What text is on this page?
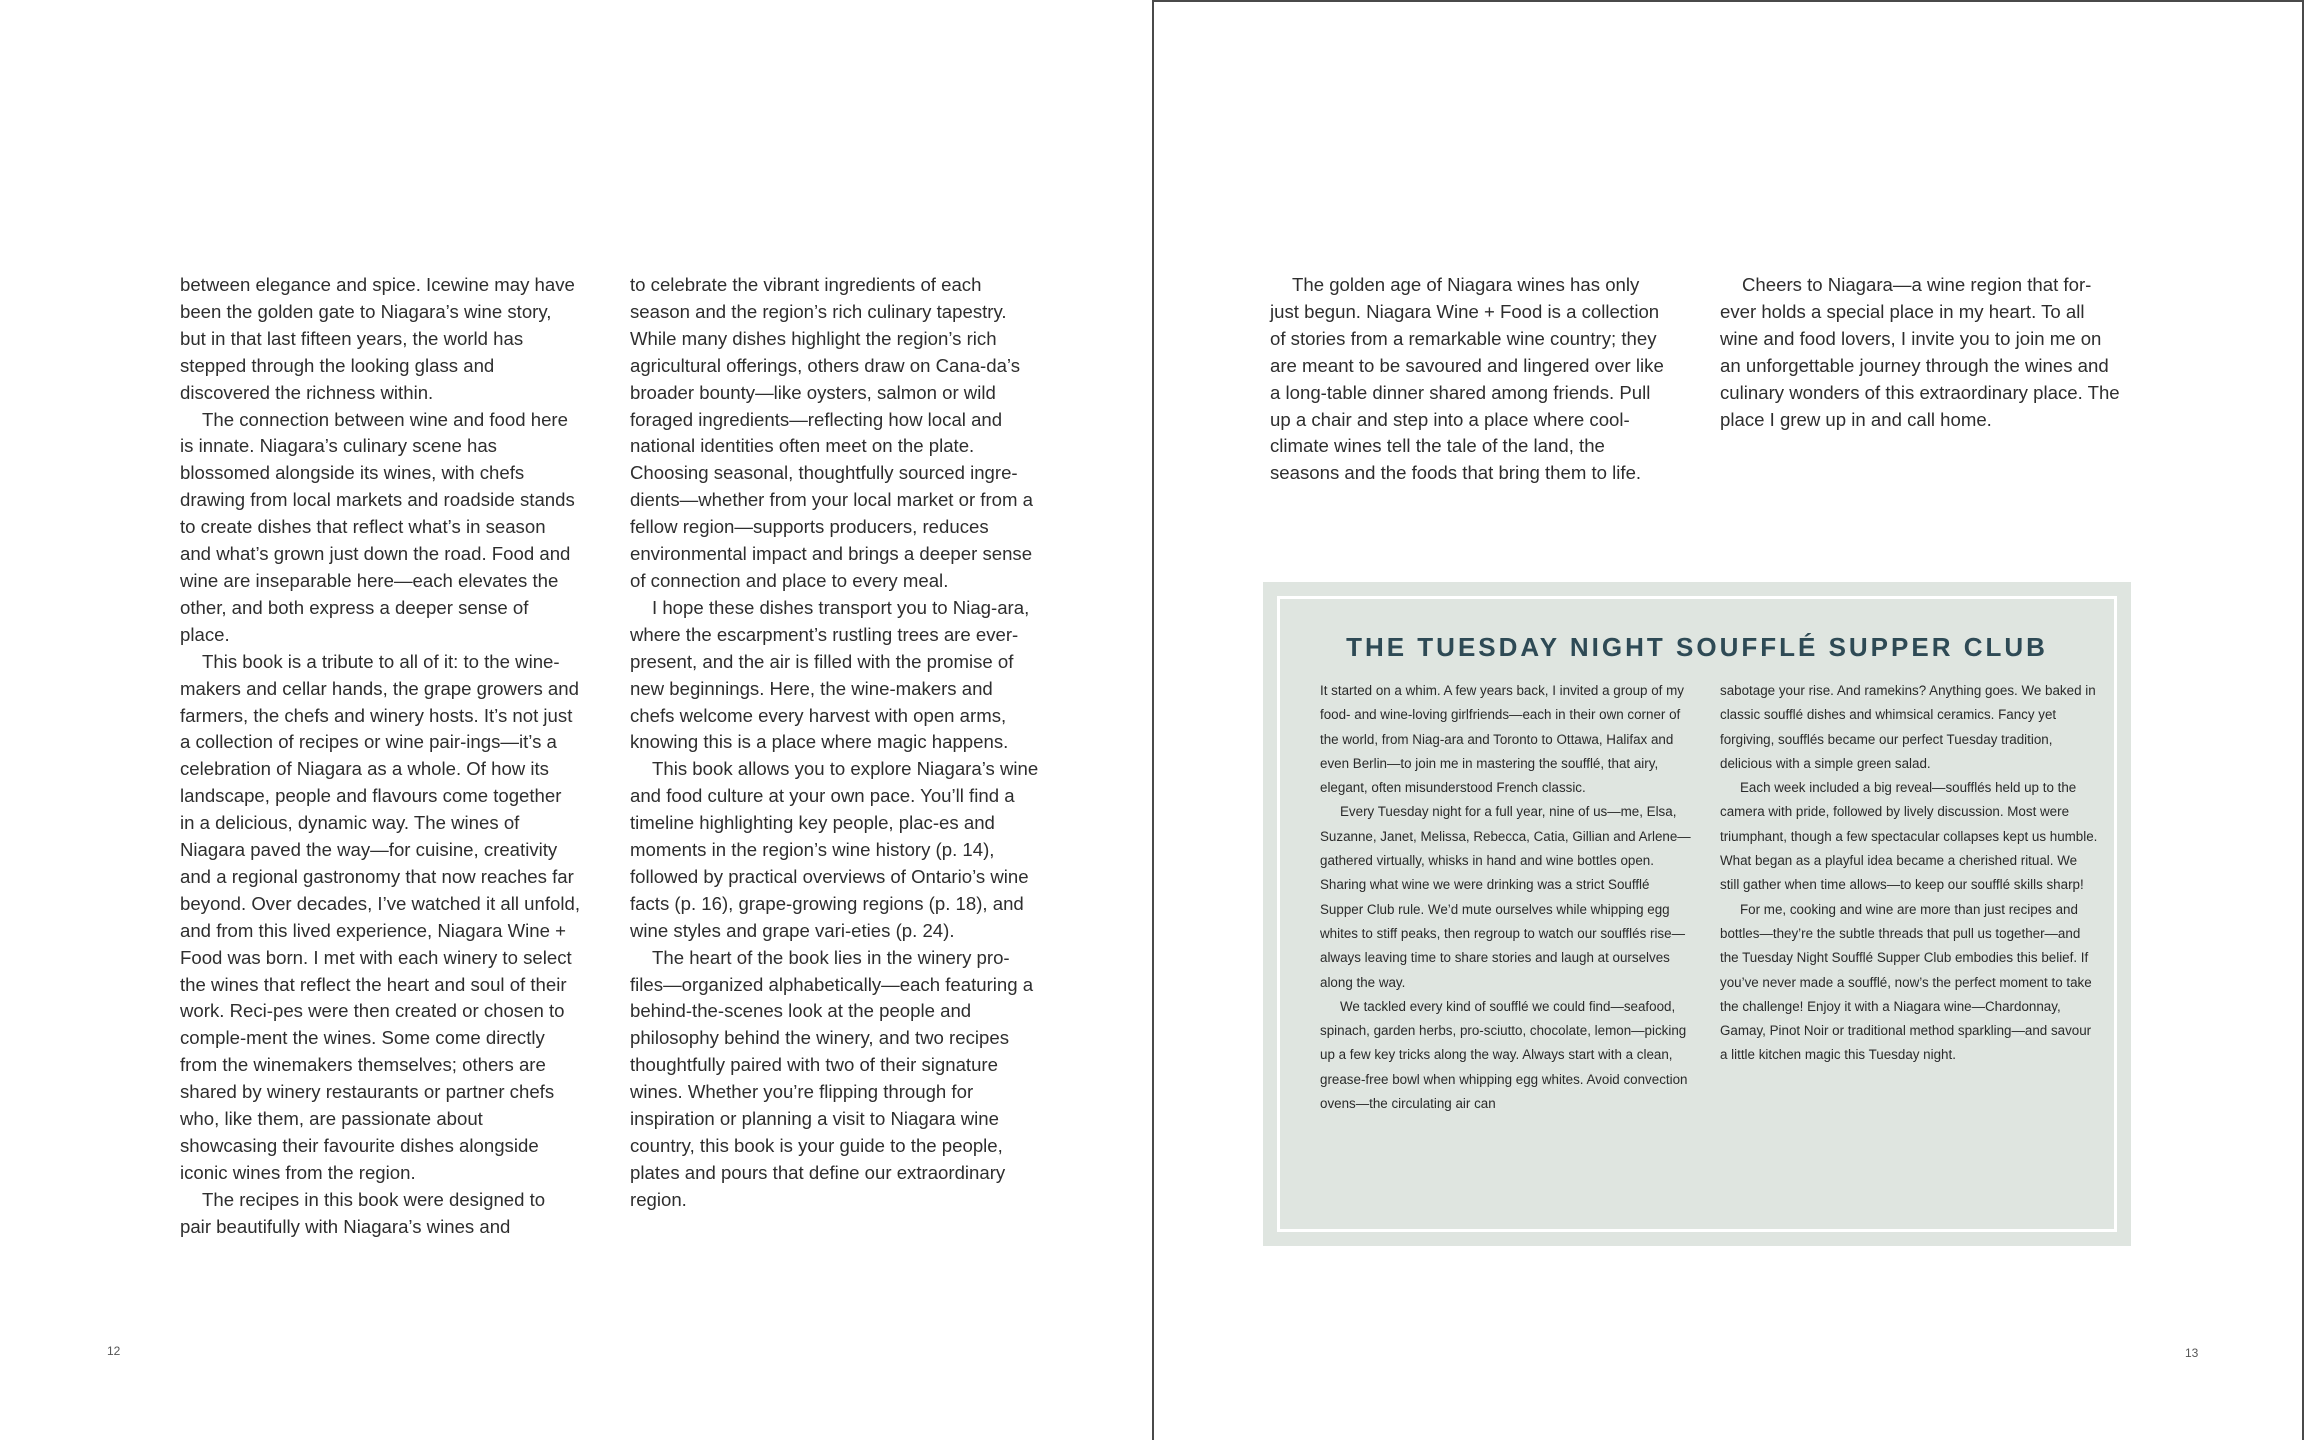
between elegance and spice. Icewine may have been the golden gate to Niagara’s wine story, but in that last fifteen years, the world has stepped through the looking glass and discovered the richness within.

The connection between wine and food here is innate. Niagara’s culinary scene has blossomed alongside its wines, with chefs drawing from local markets and roadside stands to create dishes that reflect what’s in season and what’s grown just down the road. Food and wine are inseparable here—each elevates the other, and both express a deeper sense of place.

This book is a tribute to all of it: to the wine-makers and cellar hands, the grape growers and farmers, the chefs and winery hosts. It’s not just a collection of recipes or wine pair-ings—it’s a celebration of Niagara as a whole. Of how its landscape, people and flavours come together in a delicious, dynamic way. The wines of Niagara paved the way—for cuisine, creativity and a regional gastronomy that now reaches far beyond. Over decades, I’ve watched it all unfold, and from this lived experience, Niagara Wine + Food was born. I met with each winery to select the wines that reflect the heart and soul of their work. Reci-pes were then created or chosen to comple-ment the wines. Some come directly from the winemakers themselves; others are shared by winery restaurants or partner chefs who, like them, are passionate about showcasing their favourite dishes alongside iconic wines from the region.

The recipes in this book were designed to pair beautifully with Niagara’s wines and

to celebrate the vibrant ingredients of each season and the region’s rich culinary tapestry. While many dishes highlight the region’s rich agricultural offerings, others draw on Cana-da’s broader bounty—like oysters, salmon or wild foraged ingredients—reflecting how local and national identities often meet on the plate. Choosing seasonal, thoughtfully sourced ingre-dients—whether from your local market or from a fellow region—supports producers, reduces environmental impact and brings a deeper sense of connection and place to every meal.

I hope these dishes transport you to Niag-ara, where the escarpment’s rustling trees are ever-present, and the air is filled with the promise of new beginnings. Here, the wine-makers and chefs welcome every harvest with open arms, knowing this is a place where magic happens.

This book allows you to explore Niagara’s wine and food culture at your own pace. You’ll find a timeline highlighting key people, plac-es and moments in the region’s wine history (p. 14), followed by practical overviews of Ontario’s wine facts (p. 16), grape-growing regions (p. 18), and wine styles and grape vari-eties (p. 24).

The heart of the book lies in the winery pro-files—organized alphabetically—each featuring a behind-the-scenes look at the people and philosophy behind the winery, and two recipes thoughtfully paired with two of their signature wines. Whether you’re flipping through for inspiration or planning a visit to Niagara wine country, this book is your guide to the people, plates and pours that define our extraordinary region.

12	13

The golden age of Niagara wines has only just begun. Niagara Wine + Food is a collection of stories from a remarkable wine country; they are meant to be savoured and lingered over like a long-table dinner shared among friends. Pull up a chair and step into a place where cool-climate wines tell the tale of the land, the seasons and the foods that bring them to life.

Cheers to Niagara—a wine region that for-ever holds a special place in my heart. To all wine and food lovers, I invite you to join me on an unforgettable journey through the wines and culinary wonders of this extraordinary place. The place I grew up in and call home.

THE TUESDAY NIGHT SOUFFLÉ SUPPER CLUB

It started on a whim. A few years back, I invited a group of my food- and wine-loving girlfriends—each in their own corner of the world, from Niag-ara and Toronto to Ottawa, Halifax and even Berlin—to join me in mastering the soufflé, that airy, elegant, often misunderstood French classic.

Every Tuesday night for a full year, nine of us—me, Elsa, Suzanne, Janet, Melissa, Rebecca, Catia, Gillian and Arlene—gathered virtually, whisks in hand and wine bottles open. Sharing what wine we were drinking was a strict Soufflé Supper Club rule. We’d mute ourselves while whipping egg whites to stiff peaks, then regroup to watch our soufflés rise—always leaving time to share stories and laugh at ourselves along the way.

We tackled every kind of soufflé we could find—seafood, spinach, garden herbs, pro-sciutto, chocolate, lemon—picking up a few key tricks along the way. Always start with a clean, grease-free bowl when whipping egg whites. Avoid convection ovens—the circulating air can

sabotage your rise. And ramekins? Anything goes. We baked in classic soufflé dishes and whimsical ceramics. Fancy yet forgiving, soufflés became our perfect Tuesday tradition, delicious with a simple green salad.

Each week included a big reveal—soufflés held up to the camera with pride, followed by lively discussion. Most were triumphant, though a few spectacular collapses kept us humble. What began as a playful idea became a cherished ritual. We still gather when time allows—to keep our soufflé skills sharp!

For me, cooking and wine are more than just recipes and bottles—they’re the subtle threads that pull us together—and the Tuesday Night Soufflé Supper Club embodies this belief. If you’ve never made a soufflé, now’s the perfect moment to take the challenge! Enjoy it with a Niagara wine—Chardonnay, Gamay, Pinot Noir or traditional method sparkling—and savour a little kitchen magic this Tuesday night.
